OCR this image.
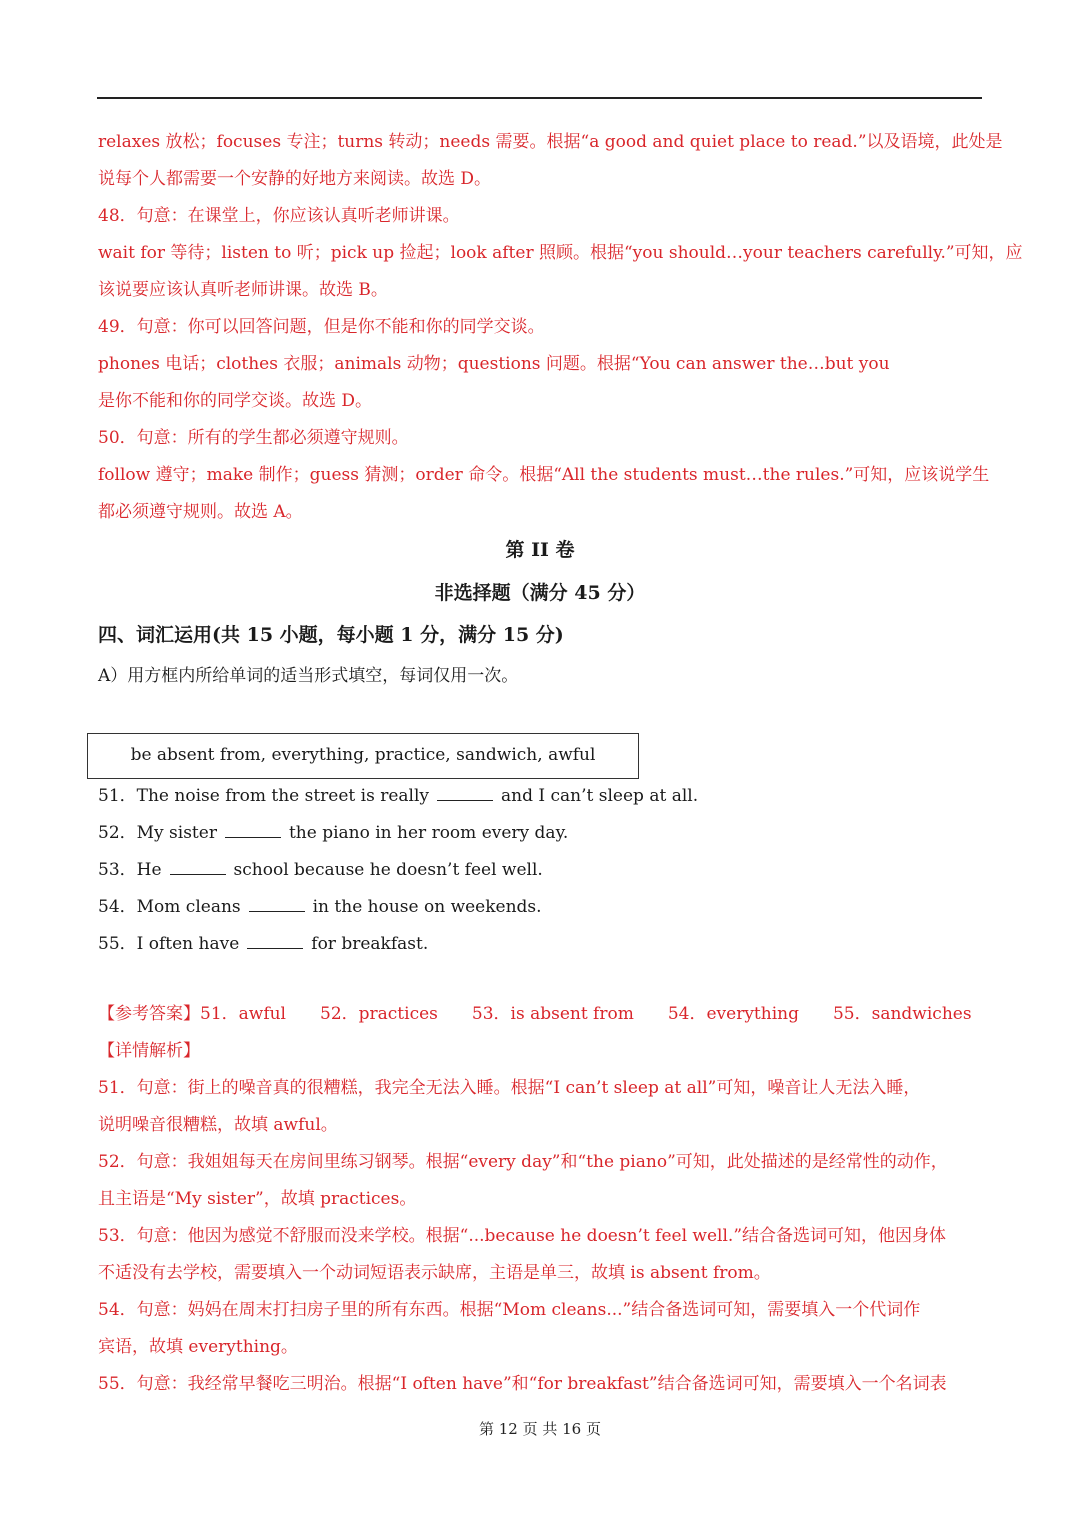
relaxes 放松；focuses 专注；turns 转动；needs 需要。根据“a good and quiet place to read.”以及语境，此处是
说每个人都需要一个安静的好地方来阅读。故选 D。
48．句意：在课堂上，你应该认真听老师讲课。
wait for 等待；listen to 听；pick up 捡起；look after 照顾。根据“you should…your teachers carefully.”可知，应
该说要应该认真听老师讲课。故选 B。
49．句意：你可以回答问题，但是你不能和你的同学交谈。
phones 电话；clothes 衣服；animals 动物；questions 问题。根据“You can answer the…but you
是你不能和你的同学交谈。故选 D。
50．句意：所有的学生都必须遵守规则。
follow 遵守；make 制作；guess 猜测；order 命令。根据“All the students must…the rules.”可知，应该说学生
都必须遵守规则。故选 A。
第 II 卷
非选择题（满分 45 分）
四、词汇运用(共 15 小题，每小题 1 分，满分 15 分)
A）用方框内所给单词的适当形式填空，每词仅用一次。
be absent from, everything, practice, sandwich, awful
51．The noise from the street is really	and I can’t sleep at all.
52．My sister	the piano in her room every day.
53．He	school because he doesn’t feel well.
54．Mom cleans	in the house on weekends.
55．I often have	for breakfast.
【参考答案】51．awful 52．practices 53．is absent from 54．everything 55．sandwiches
【详情解析】
51．句意：街上的噪音真的很糟糕，我完全无法入睡。根据“I can’t sleep at all”可知，噪音让人无法入睡，
说明噪音很糟糕，故填 awful。
52．句意：我姐姐每天在房间里练习钢琴。根据“every day”和“the piano”可知，此处描述的是经常性的动作，
且主语是“My sister”，故填 practices。
53．句意：他因为感觉不舒服而没来学校。根据“...because he doesn’t feel well.”结合备选词可知，他因身体
不适没有去学校，需要填入一个动词短语表示缺席，主语是单三，故填 is absent from。
54．句意：妈妈在周末打扫房子里的所有东西。根据“Mom cleans...”结合备选词可知，需要填入一个代词作
宾语，故填 everything。
55．句意：我经常早餐吃三明治。根据“I often have”和“for breakfast”结合备选词可知，需要填入一个名词表
第 12 页 共 16 页
